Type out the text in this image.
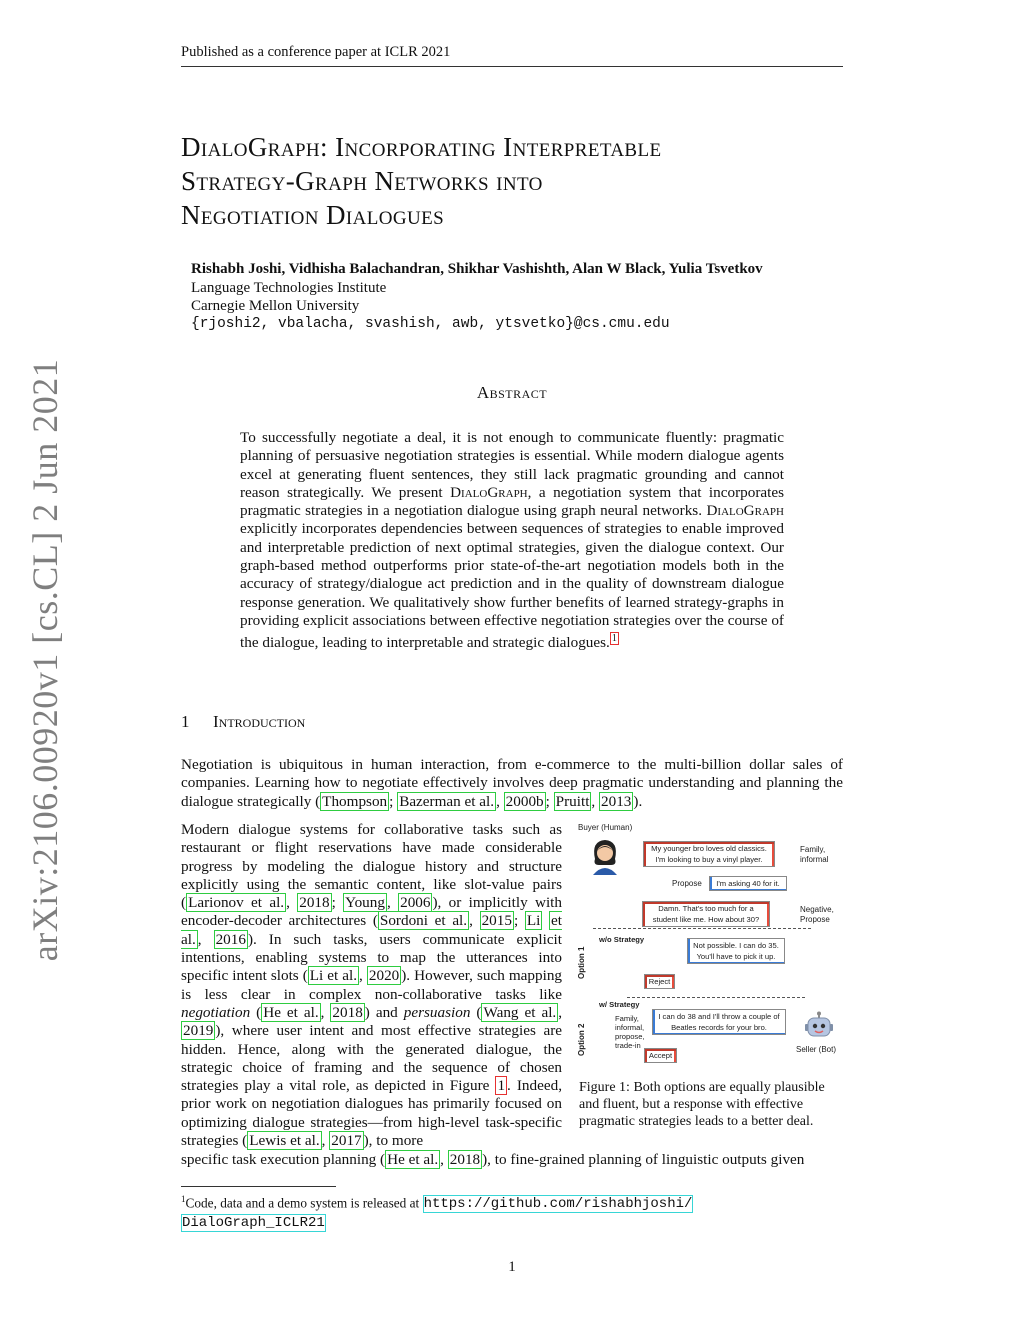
Published as a conference paper at ICLR 2021
arXiv:2106.00920v1 [cs.CL] 2 Jun 2021
DialoGraph: Incorporating Interpretable
Strategy-Graph Networks into
Negotiation Dialogues
Rishabh Joshi, Vidhisha Balachandran, Shikhar Vashishth, Alan W Black, Yulia Tsvetkov
Language Technologies Institute
Carnegie Mellon University
{rjoshi2, vbalacha, svashish, awb, ytsvetko}@cs.cmu.edu
Abstract
To successfully negotiate a deal, it is not enough to communicate fluently: pragmatic planning of persuasive negotiation strategies is essential. While modern dialogue agents excel at generating fluent sentences, they still lack pragmatic grounding and cannot reason strategically. We present DialoGraph, a negotiation system that incorporates pragmatic strategies in a negotiation dialogue using graph neural networks. DialoGraph explicitly incorporates dependencies between sequences of strategies to enable improved and interpretable prediction of next optimal strategies, given the dialogue context. Our graph-based method outperforms prior state-of-the-art negotiation models both in the accuracy of strategy/dialogue act prediction and in the quality of downstream dialogue response generation. We qualitatively show further benefits of learned strategy-graphs in providing explicit associations between effective negotiation strategies over the course of the dialogue, leading to interpretable and strategic dialogues. $^1$
1 Introduction
Negotiation is ubiquitous in human interaction, from e-commerce to the multi-billion dollar sales of companies. Learning how to negotiate effectively involves deep pragmatic understanding and planning the dialogue strategically ( Thompson ; Bazerman et al. , 2000b ; Pruitt , 2013 ).
Modern dialogue systems for collaborative tasks such as restaurant or flight reservations have made considerable progress by modeling the dialogue history and structure explicitly using the semantic content, like slot-value pairs ( Larionov et al. , 2018 ; Young , 2006 ), or implicitly with encoder-decoder architectures ( Sordoni et al. , 2015 ; Li et al. , 2016 ). In such tasks, users communicate explicit intentions, enabling systems to map the utterances into specific intent slots ( Li et al. , 2020 ). However, such mapping is less clear in complex non-collaborative tasks like negotiation ( He et al. , 2018 ) and persuasion ( Wang et al. , 2019 ), where user intent and most effective strategies are hidden. Hence, along with the generated dialogue, the strategic choice of framing and the sequence of chosen strategies play a vital role, as depicted in Figure 1 . Indeed, prior work on negotiation dialogues has primarily focused on optimizing dialogue strategies—from high-level task-specific strategies ( Lewis et al. , 2017 ), to more
specific task execution planning ( He et al. , 2018 ), to fine-grained planning of linguistic outputs given
Buyer (Human)
My younger bro loves old classics. I'm looking to buy a vinyl player.
Family,
informal
Propose	I'm asking 40 for it.
Damn. That's too much for a student like me. How about 30?
Negative,
Propose
Option 1
w/o Strategy
Not possible. I can do 35. You'll have to pick it up.
Reject
w/ Strategy
Option 2
Family,
informal,
propose,
trade-in
I can do 38 and I'll throw a couple of Beatles records for your bro.
Accept
Seller (Bot)
Figure 1: Both options are equally plausible and fluent, but a response with effective pragmatic strategies leads to a better deal.
$^1$Code, data and a demo system is released at https://github.com/rishabhjoshi/
DialoGraph_ICLR21
1
